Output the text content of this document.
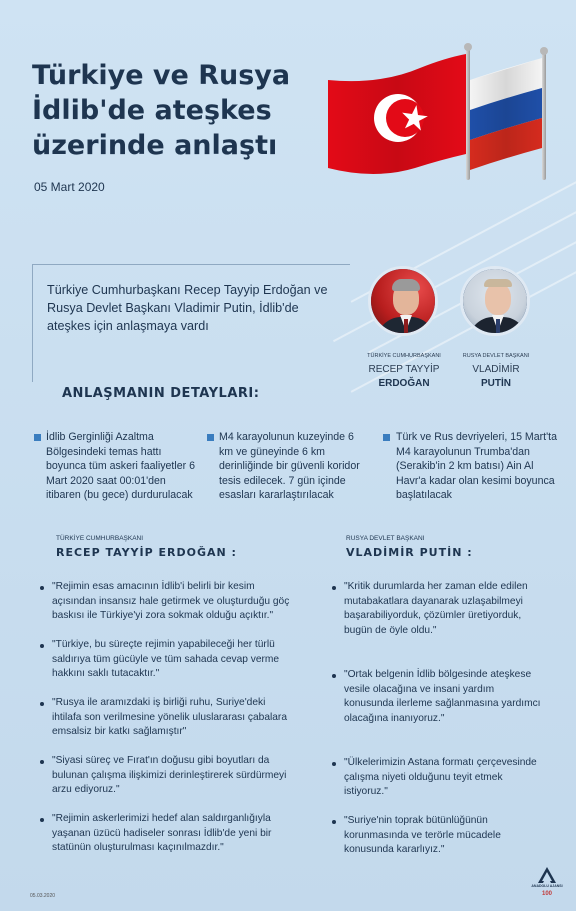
Türkiye ve Rusya İdlib'de ateşkes üzerinde anlaştı
05 Mart 2020

Türkiye Cumhurbaşkanı Recep Tayyip Erdoğan ve Rusya Devlet Başkanı Vladimir Putin, İdlib'de ateşkes için anlaşmaya vardı

TÜRKİYE CUMHURBAŞKANI
RECEP TAYYİP
ERDOĞAN
RUSYA DEVLET BAŞKANI
VLADİMİR
PUTİN
ANLAŞMANIN DETAYLARI:

İdlib Gerginliği Azaltma Bölgesindeki temas hattı boyunca tüm askeri faaliyetler 6 Mart 2020 saat 00:01'den itibaren (bu gece) durdurulacak

M4 karayolunun kuzeyinde 6 km ve güneyinde 6 km derinliğinde bir güvenli koridor tesis edilecek. 7 gün içinde esasları kararlaştırılacak

Türk ve Rus devriyeleri, 15 Mart'ta M4 karayolunun Trumba'dan (Serakib'in 2 km batısı) Ain Al Havr'a kadar olan kesimi boyunca başlatılacak

TÜRKİYE CUMHURBAŞKANI
RECEP TAYYİP ERDOĞAN :

"Rejimin esas amacının İdlib'i belirli bir kesim açısından insansız hale getirmek ve oluşturduğu göç baskısı ile Türkiye'yi zora sokmak olduğu açıktır."

"Türkiye, bu süreçte rejimin yapabileceği her türlü saldırıya tüm gücüyle ve tüm sahada cevap verme hakkını saklı tutacaktır."

"Rusya ile aramızdaki iş birliği ruhu, Suriye'deki ihtilafa son verilmesine yönelik uluslararası çabalara emsalsiz bir katkı sağlamıştır"

"Siyasi süreç ve Fırat'ın doğusu gibi boyutları da bulunan çalışma ilişkimizi derinleştirerek sürdürmeyi arzu ediyoruz."

"Rejimin askerlerimizi hedef alan saldırganlığıyla yaşanan üzücü hadiseler sonrası İdlib'de yeni bir statünün oluşturulması kaçınılmazdır."

RUSYA DEVLET BAŞKANI
VLADİMİR PUTİN :

"Kritik durumlarda her zaman elde edilen mutabakatlara dayanarak uzlaşabilmeyi başarabiliyorduk, çözümler üretiyorduk, bugün de öyle oldu."

"Ortak belgenin İdlib bölgesinde ateşkese vesile olacağına ve insani yardım konusunda ilerleme sağlanmasına yardımcı olacağına inanıyoruz."

"Ülkelerimizin Astana formatı çerçevesinde çalışma niyeti olduğunu teyit etmek istiyoruz."

"Suriye'nin toprak bütünlüğünün korunmasında ve terörle mücadele konusunda kararlıyız."

05.03.2020
ANADOLU AJANSI
100
